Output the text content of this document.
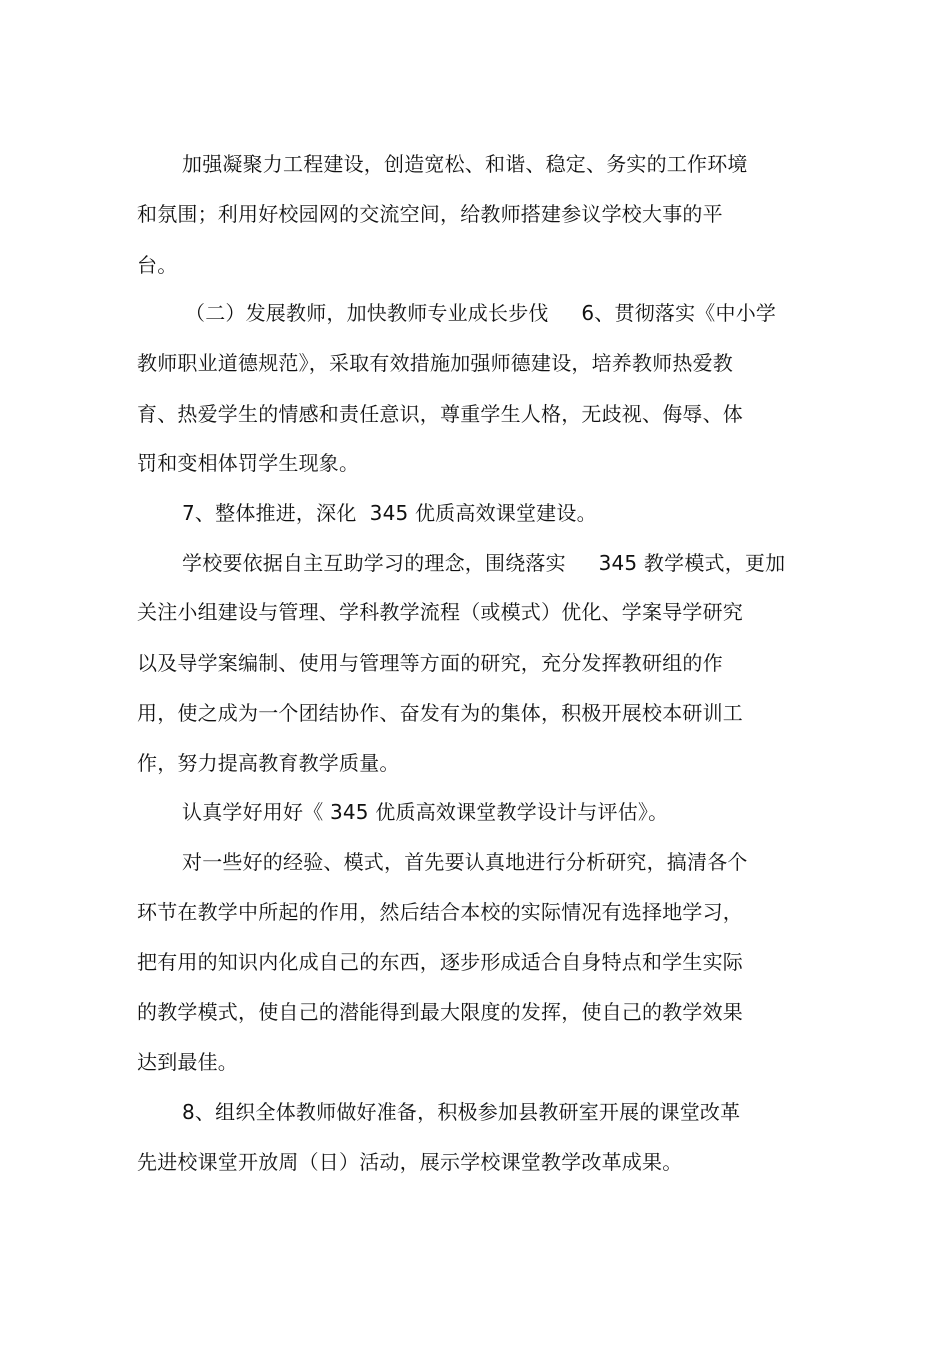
加强凝聚力工程建设，创造宽松、和谐、稳定、务实的工作环境
和氛围；利用好校园网的交流空间，给教师搭建参议学校大事的平
台。
（二）发展教师，加快教师专业成长步伐     6、贯彻落实《中小学
教师职业道德规范》，采取有效措施加强师德建设，培养教师热爱教
育、热爱学生的情感和责任意识，尊重学生人格，无歧视、侮辱、体
罚和变相体罚学生现象。
7、整体推进，深化  345 优质高效课堂建设。
学校要依据自主互助学习的理念，围绕落实     345 教学模式，更加
关注小组建设与管理、学科教学流程（或模式）优化、学案导学研究
以及导学案编制、使用与管理等方面的研究，充分发挥教研组的作
用，使之成为一个团结协作、奋发有为的集体，积极开展校本研训工
作，努力提高教育教学质量。
认真学好用好《 345 优质高效课堂教学设计与评估》。
对一些好的经验、模式，首先要认真地进行分析研究，搞清各个
环节在教学中所起的作用，然后结合本校的实际情况有选择地学习，
把有用的知识内化成自己的东西，逐步形成适合自身特点和学生实际
的教学模式，使自己的潜能得到最大限度的发挥，使自己的教学效果
达到最佳。
8、组织全体教师做好准备，积极参加县教研室开展的课堂改革
先进校课堂开放周（日）活动，展示学校课堂教学改革成果。
